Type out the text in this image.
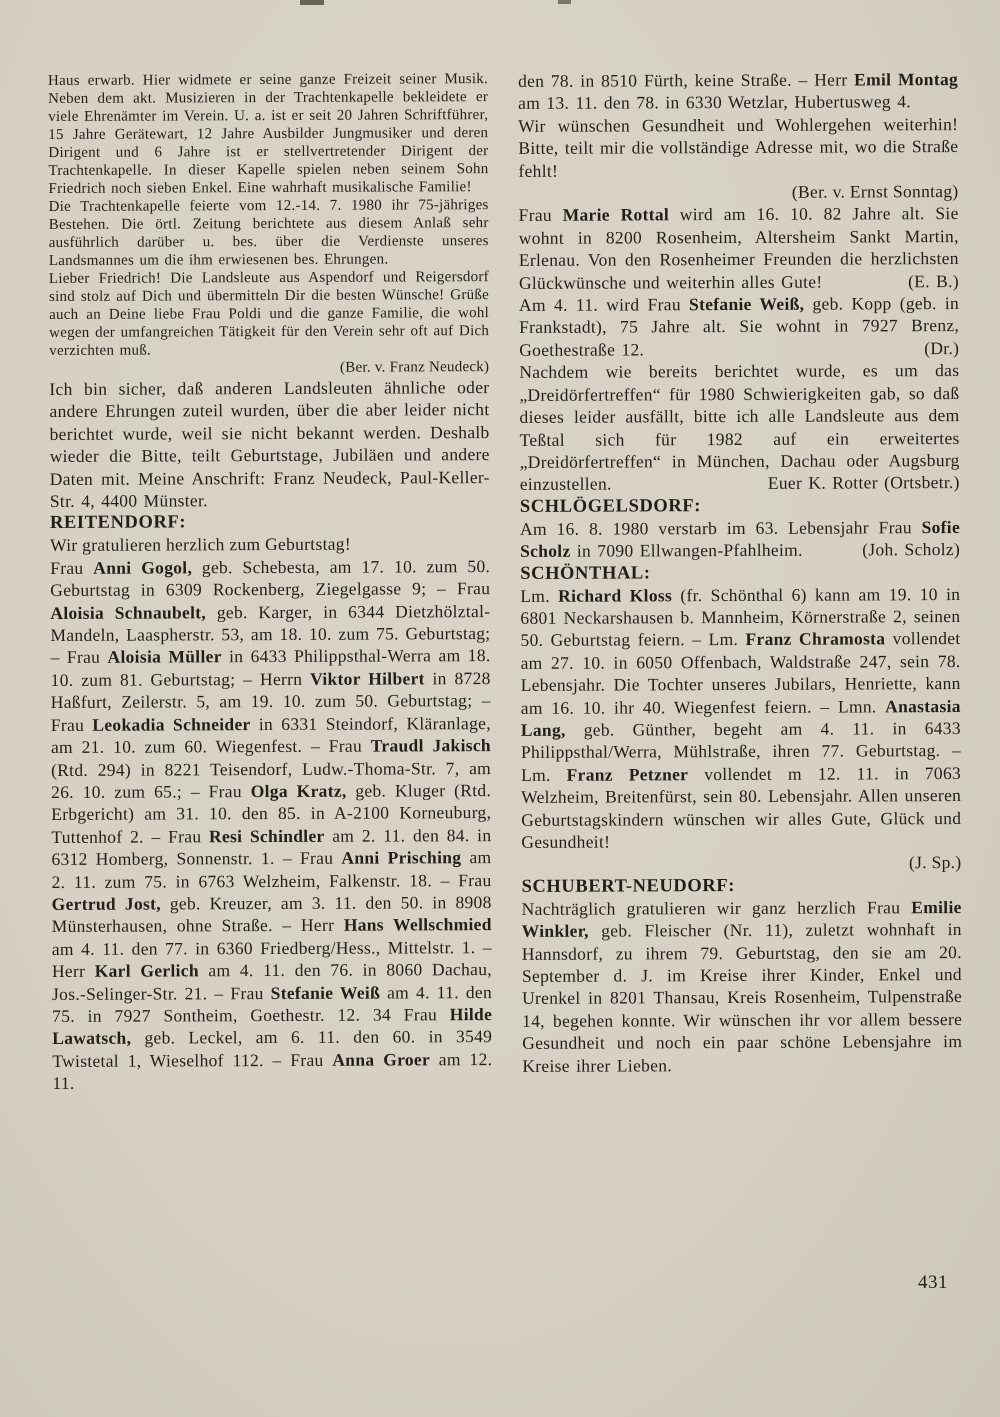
Haus erwarb. Hier widmete er seine ganze Freizeit seiner Musik. Neben dem akt. Musizieren in der Trachtenkapelle bekleidete er viele Ehrenämter im Verein. U. a. ist er seit 20 Jahren Schriftführer, 15 Jahre Gerätewart, 12 Jahre Ausbilder Jungmusiker und deren Dirigent und 6 Jahre ist er stellvertretender Dirigent der Trachtenkapelle. In dieser Kapelle spielen neben seinem Sohn Friedrich noch sieben Enkel. Eine wahrhaft musikalische Familie!

Die Trachtenkapelle feierte vom 12.-14. 7. 1980 ihr 75-jähriges Bestehen. Die örtl. Zeitung berichtete aus diesem Anlaß sehr ausführlich darüber u. bes. über die Verdienste unseres Landsmannes um die ihm erwiesenen bes. Ehrungen.

Lieber Friedrich! Die Landsleute aus Aspendorf und Reigersdorf sind stolz auf Dich und übermitteln Dir die besten Wünsche! Grüße auch an Deine liebe Frau Poldi und die ganze Familie, die wohl wegen der umfangreichen Tätigkeit für den Verein sehr oft auf Dich verzichten muß.

(Ber. v. Franz Neudeck)

Ich bin sicher, daß anderen Landsleuten ähnliche oder andere Ehrungen zuteil wurden, über die aber leider nicht berichtet wurde, weil sie nicht bekannt werden. Deshalb wieder die Bitte, teilt Geburtstage, Jubiläen und andere Daten mit. Meine Anschrift: Franz Neudeck, Paul-Keller-Str. 4, 4400 Münster.

REITENDORF:

Wir gratulieren herzlich zum Geburtstag!

Frau Anni Gogol, geb. Schebesta, am 17. 10. zum 50. Geburtstag in 6309 Rockenberg, Ziegelgasse 9; – Frau Aloisia Schnaubelt, geb. Karger, in 6344 Dietzhölztal-Mandeln, Laaspherstr. 53, am 18. 10. zum 75. Geburtstag; – Frau Aloisia Müller in 6433 Philippsthal-Werra am 18. 10. zum 81. Geburtstag; – Herrn Viktor Hilbert in 8728 Haßfurt, Zeilerstr. 5, am 19. 10. zum 50. Geburtstag; – Frau Leokadia Schneider in 6331 Steindorf, Kläranlage, am 21. 10. zum 60. Wiegenfest. – Frau Traudl Jakisch (Rtd. 294) in 8221 Teisendorf, Ludw.-Thoma-Str. 7, am 26. 10. zum 65.; – Frau Olga Kratz, geb. Kluger (Rtd. Erbgericht) am 31. 10. den 85. in A-2100 Korneuburg, Tuttenhof 2. – Frau Resi Schindler am 2. 11. den 84. in 6312 Homberg, Sonnenstr. 1. – Frau Anni Prisching am 2. 11. zum 75. in 6763 Welzheim, Falkenstr. 18. – Frau Gertrud Jost, geb. Kreuzer, am 3. 11. den 50. in 8908 Münsterhausen, ohne Straße. – Herr Hans Wellschmied am 4. 11. den 77. in 6360 Friedberg/Hess., Mittelstr. 1. – Herr Karl Gerlich am 4. 11. den 76. in 8060 Dachau, Jos.-Selinger-Str. 21. – Frau Stefanie Weiß am 4. 11. den 75. in 7927 Sontheim, Goethestr. 12. 34 Frau Hilde Lawatsch, geb. Leckel, am 6. 11. den 60. in 3549 Twistetal 1, Wieselhof 112. – Frau Anna Groer am 12. 11.

den 78. in 8510 Fürth, keine Straße. – Herr Emil Montag am 13. 11. den 78. in 6330 Wetzlar, Hubertusweg 4.

Wir wünschen Gesundheit und Wohlergehen weiterhin! Bitte, teilt mir die vollständige Adresse mit, wo die Straße fehlt!

(Ber. v. Ernst Sonntag)

Frau Marie Rottal wird am 16. 10. 82 Jahre alt. Sie wohnt in 8200 Rosenheim, Altersheim Sankt Martin, Erlenau. Von den Rosenheimer Freunden die herzlichsten Glückwünsche und weiterhin alles Gute!	(E. B.)

Am 4. 11. wird Frau Stefanie Weiß, geb. Kopp (geb. in Frankstadt), 75 Jahre alt. Sie wohnt in 7927 Brenz, Goethestraße 12.	(Dr.)

Nachdem wie bereits berichtet wurde, es um das „Dreidörfertreffen“ für 1980 Schwierigkeiten gab, so daß dieses leider ausfällt, bitte ich alle Landsleute aus dem Teßtal sich für 1982 auf ein erweitertes „Dreidörfertreffen“ in München, Dachau oder Augsburg einzustellen.	Euer K. Rotter (Ortsbetr.)

SCHLÖGELSDORF:

Am 16. 8. 1980 verstarb im 63. Lebensjahr Frau Sofie Scholz in 7090 Ellwangen-Pfahlheim.	(Joh. Scholz)

SCHÖNTHAL:

Lm. Richard Kloss (fr. Schönthal 6) kann am 19. 10 in 6801 Neckarshausen b. Mannheim, Körnerstraße 2, seinen 50. Geburtstag feiern. – Lm. Franz Chramosta vollendet am 27. 10. in 6050 Offenbach, Waldstraße 247, sein 78. Lebensjahr. Die Tochter unseres Jubilars, Henriette, kann am 16. 10. ihr 40. Wiegenfest feiern. – Lmn. Anastasia Lang, geb. Günther, begeht am 4. 11. in 6433 Philippsthal/Werra, Mühlstraße, ihren 77. Geburtstag. – Lm. Franz Petzner vollendet m 12. 11. in 7063 Welzheim, Breitenfürst, sein 80. Lebensjahr. Allen unseren Geburtstagskindern wünschen wir alles Gute, Glück und Gesundheit!

(J. Sp.)

SCHUBERT-NEUDORF:

Nachträglich gratulieren wir ganz herzlich Frau Emilie Winkler, geb. Fleischer (Nr. 11), zuletzt wohnhaft in Hannsdorf, zu ihrem 79. Geburtstag, den sie am 20. September d. J. im Kreise ihrer Kinder, Enkel und Urenkel in 8201 Thansau, Kreis Rosenheim, Tulpenstraße 14, begehen konnte. Wir wünschen ihr vor allem bessere Gesundheit und noch ein paar schöne Lebensjahre im Kreise ihrer Lieben.

431
